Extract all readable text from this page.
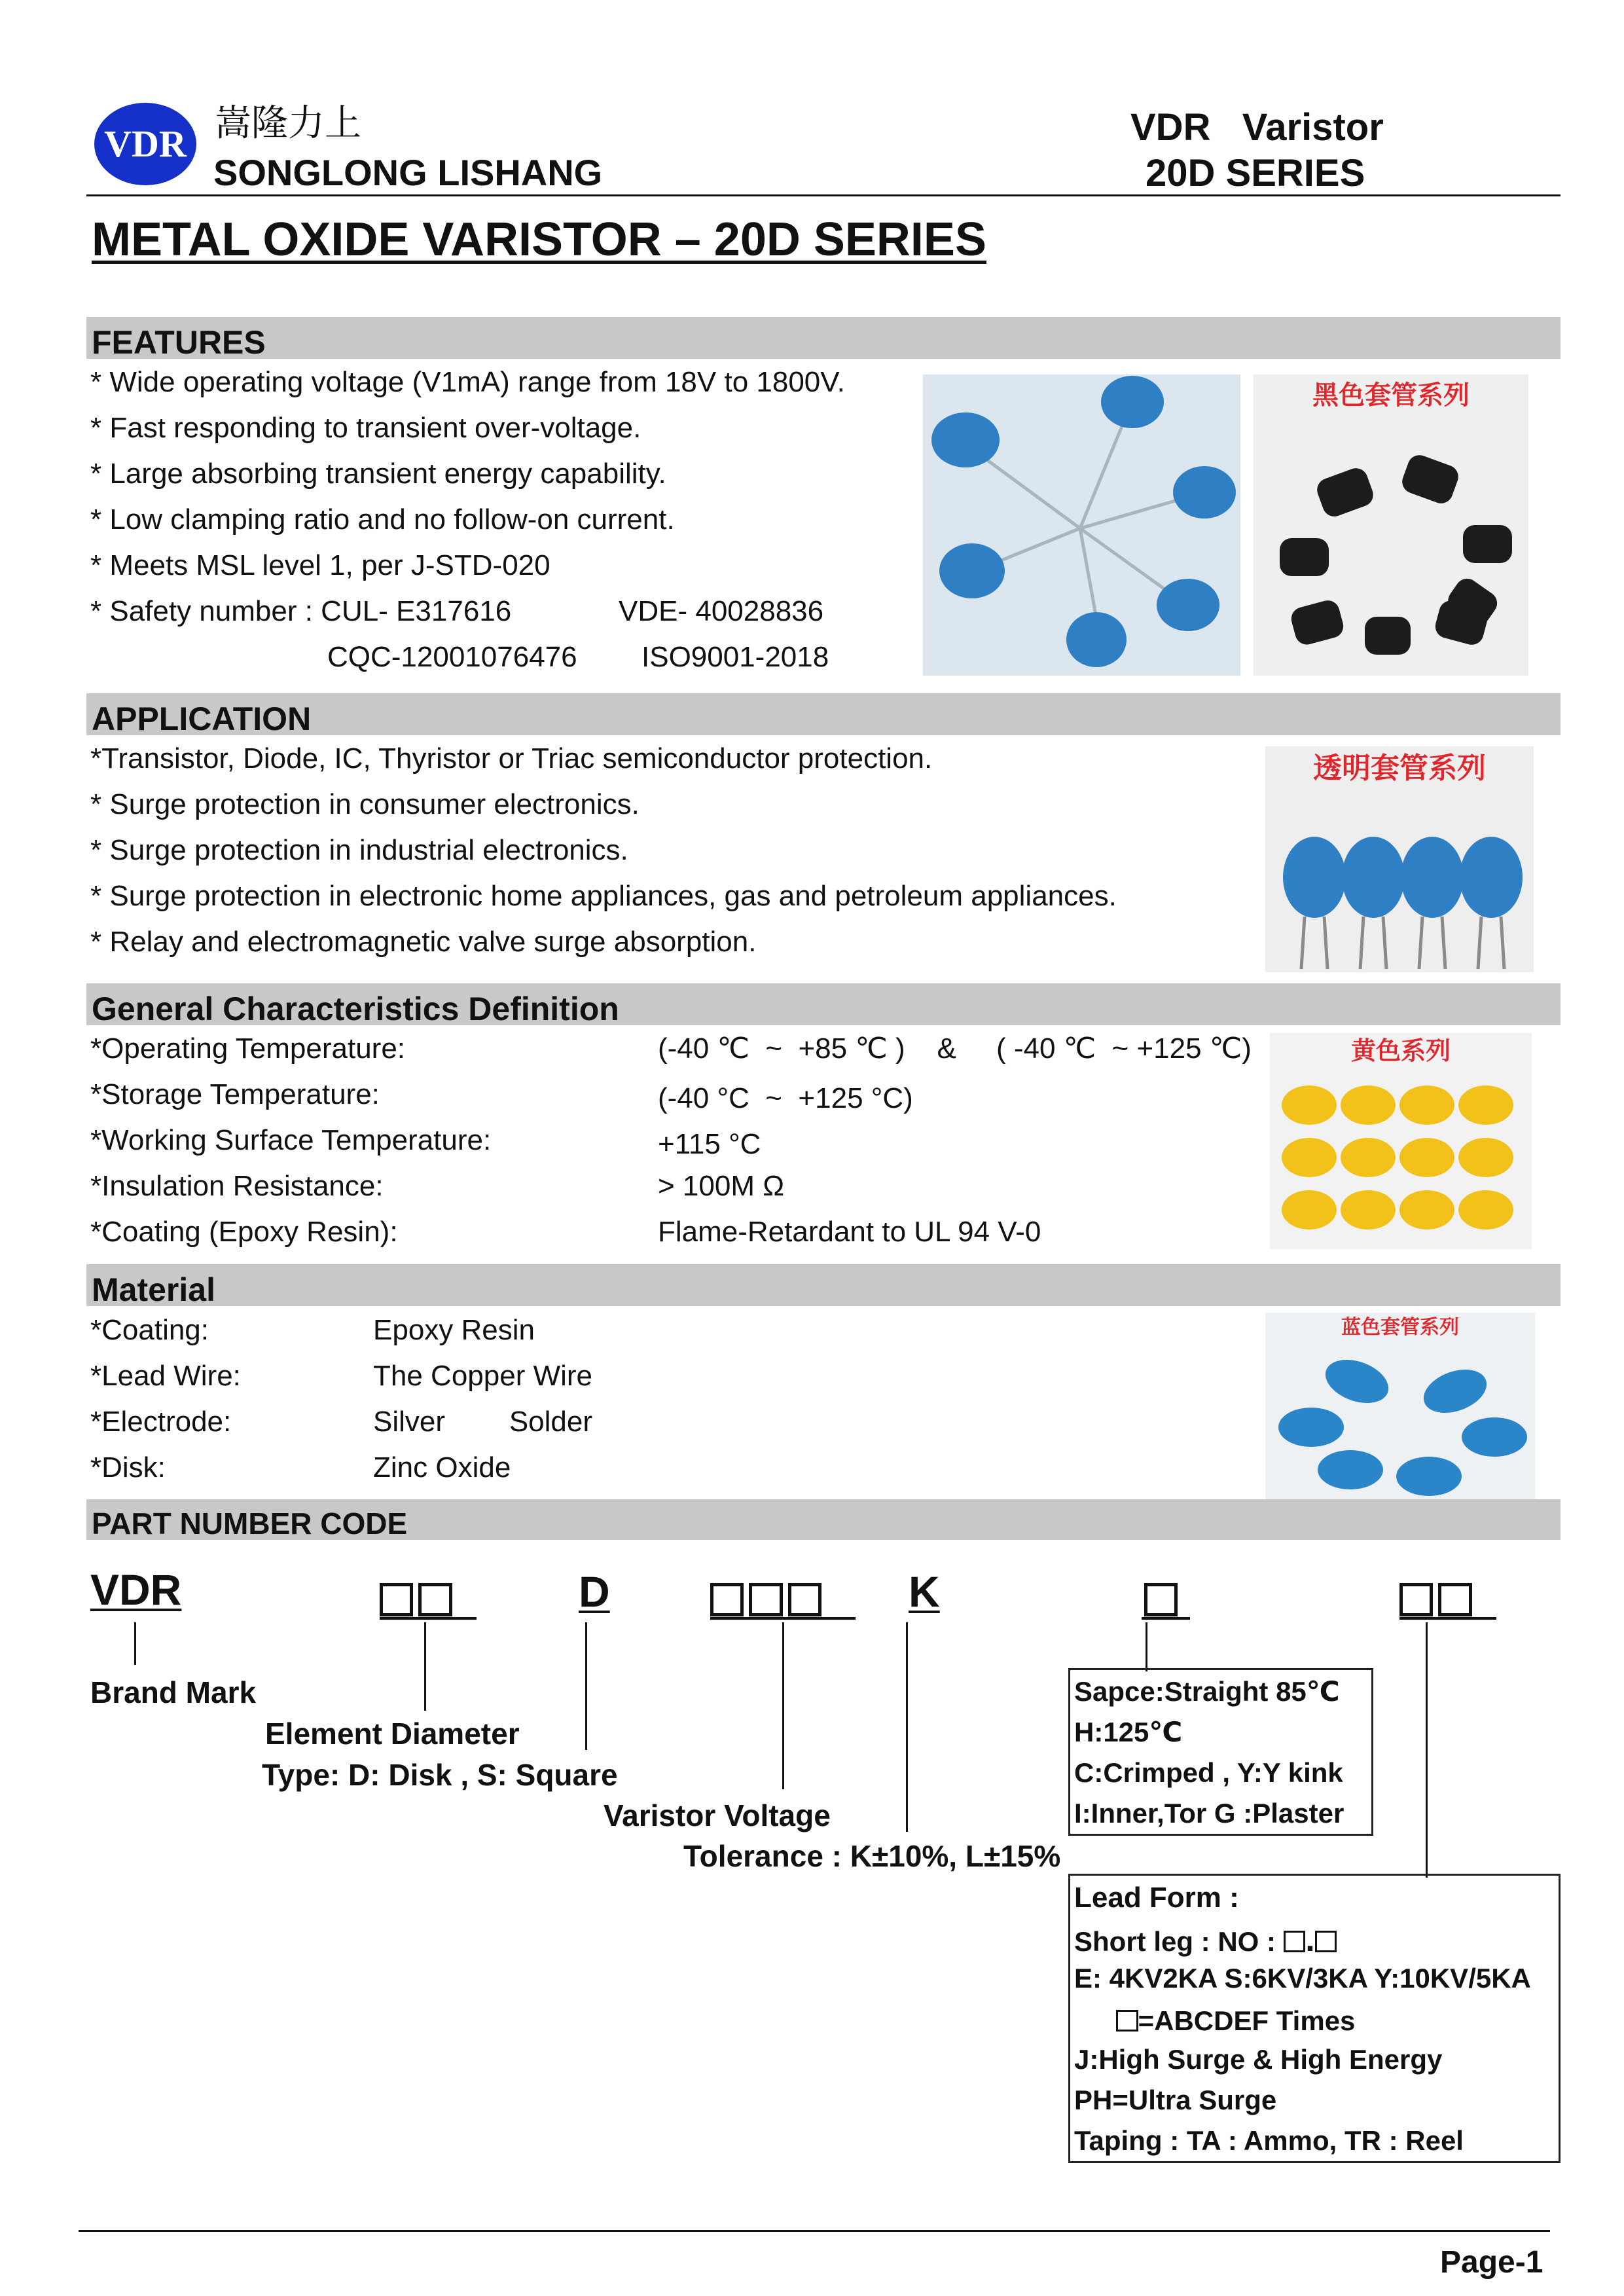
VDR 嵩隆力上
SONGLONG LISHANG
VDR   Varistor
20D SERIES
METAL OXIDE VARISTOR – 20D SERIES
FEATURES
* Wide operating voltage (V1mA) range from 18V to 1800V.
* Fast responding to transient over-voltage.
* Large absorbing transient energy capability.
* Low clamping ratio and no follow-on current.
* Meets MSL level 1, per J-STD-020
* Safety number : CUL- E317616	VDE- 40028836
CQC-12001076476 ISO9001-2018
黑色套管系列
APPLICATION
*Transistor, Diode, IC, Thyristor or Triac semiconductor protection.
* Surge protection in consumer electronics.
* Surge protection in industrial electronics.
* Surge protection in electronic home appliances, gas and petroleum appliances.
* Relay and electromagnetic valve surge absorption.
透明套管系列
General Characteristics Definition
*Operating Temperature:	(-40 ℃  ~  +85 ℃ )    &     ( -40 ℃  ~ +125 ℃)
*Storage Temperature:	(-40 °C  ~  +125 °C)
*Working Surface Temperature:	+115 °C
*Insulation Resistance:	> 100M Ω
*Coating (Epoxy Resin):	Flame-Retardant to UL 94 V-0
黄色系列
Material
*Coating:	Epoxy Resin
*Lead Wire:	The Copper Wire
*Electrode:	Silver        Solder
*Disk:	Zinc Oxide
蓝色套管系列
PART NUMBER CODE
VDR	D	K
Brand Mark
Element Diameter
Type: D: Disk , S: Square
Varistor Voltage
Tolerance : K±10%, L±15%
Sapce:Straight 85℃
H:125℃
C:Crimped , Y:Y kink
I:Inner,Tor G :Plaster
Lead Form :
Short leg : NO : .
E: 4KV2KA S:6KV/3KA Y:10KV/5KA
=ABCDEF Times
J:High Surge & High Energy
PH=Ultra Surge
Taping : TA : Ammo, TR : Reel
Page-1
